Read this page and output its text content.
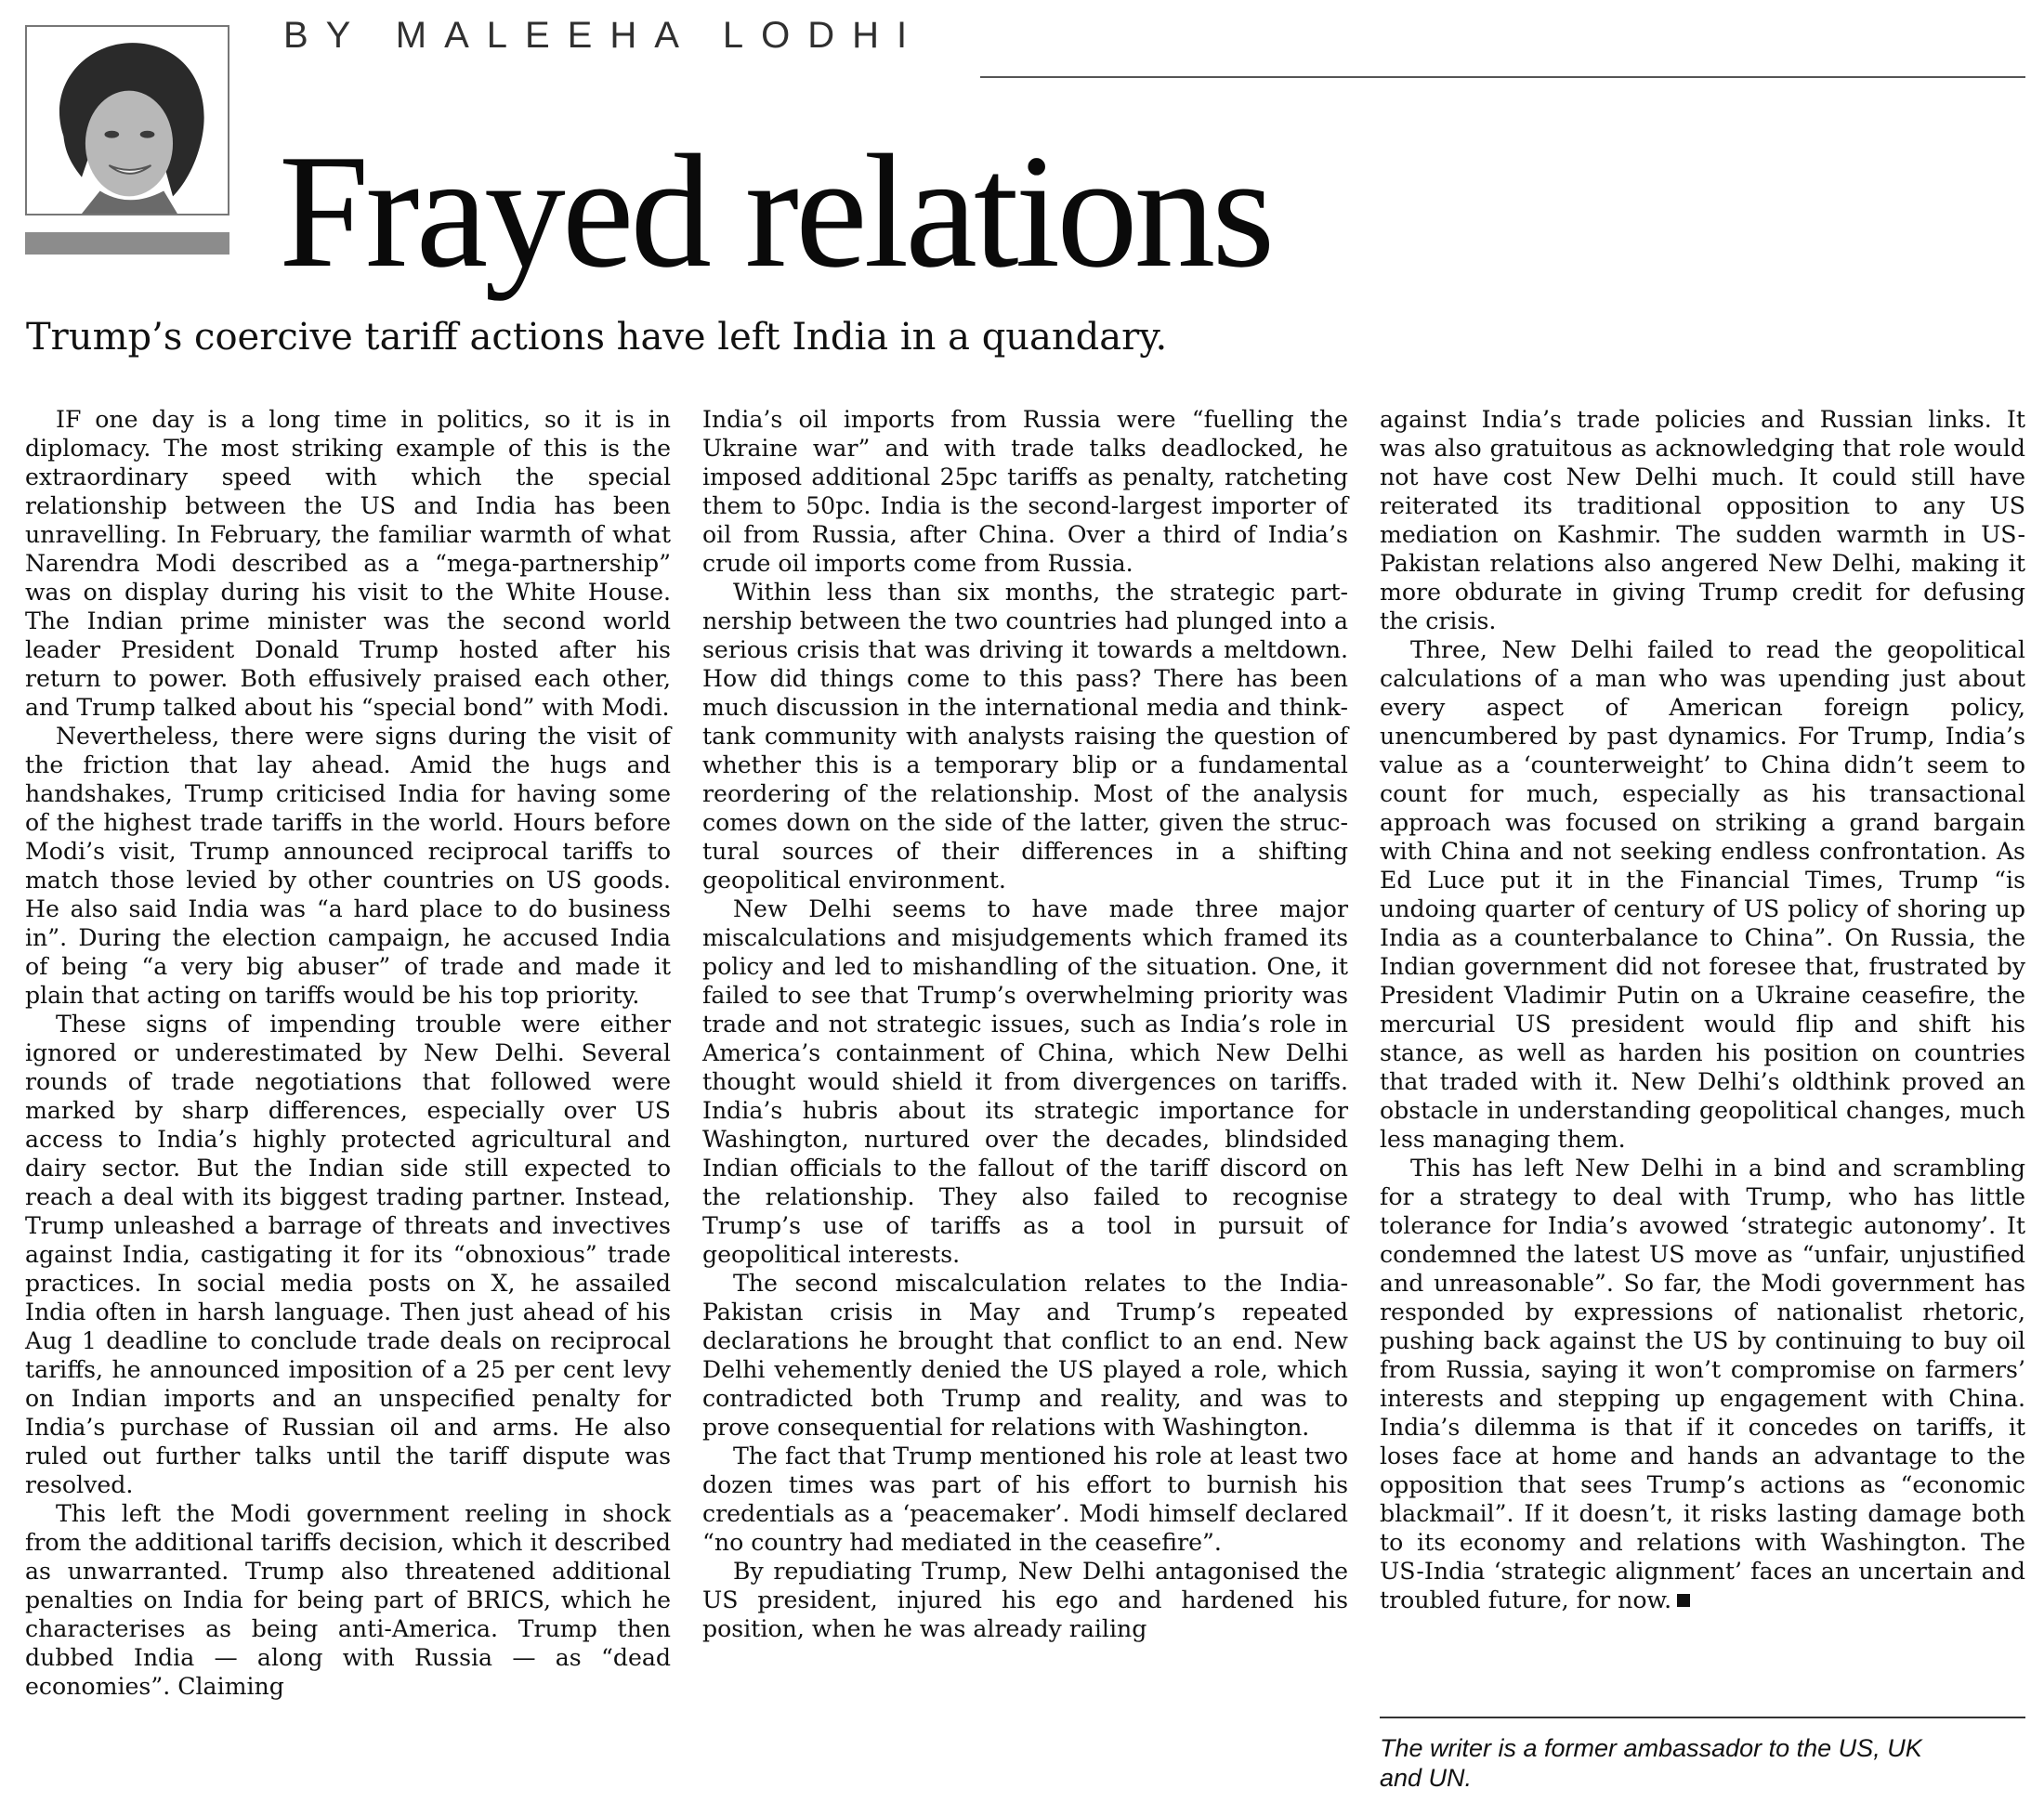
BY MALEEHA LODHI
Frayed relations
Trump’s coercive tariff actions have left India in a quandary.

IF one day is a long time in politics, so it is in diplomacy. The most striking example of this is the extraordinary speed with which the special relationship between the US and India has been unravelling. In February, the familiar warmth of what Narendra Modi described as a “mega-partnership” was on display during his visit to the White House. The Indian prime minister was the second world leader President Donald Trump hosted after his return to power. Both effusively praised each other, and Trump talked about his “special bond” with Modi.

Nevertheless, there were signs during the visit of the friction that lay ahead. Amid the hugs and handshakes, Trump criticised India for having some of the highest trade tariffs in the world. Hours before Modi’s visit, Trump announced reciprocal tariffs to match those levied by other countries on US goods. He also said India was “a hard place to do business in”. During the election campaign, he accused India of being “a very big abuser” of trade and made it plain that acting on tariffs would be his top priority.

These signs of impending trouble were either ignored or underestimated by New Delhi. Several rounds of trade negotiations that followed were marked by sharp differences, especially over US access to India’s highly protected agricultural and dairy sector. But the Indian side still expected to reach a deal with its biggest trading partner. Instead, Trump unleashed a barrage of threats and invectives against India, castigating it for its “obnoxious” trade practices. In social media posts on X, he assailed India often in harsh language. Then just ahead of his Aug 1 deadline to conclude trade deals on reciprocal tariffs, he announced imposition of a 25 per cent levy on Indian imports and an unspecified penalty for India’s purchase of Russian oil and arms. He also ruled out further talks until the tariff dispute was resolved.

This left the Modi government reeling in shock from the additional tariffs decision, which it described as unwarranted. Trump also threatened additional penalties on India for being part of BRICS, which he characterises as being anti-America. Trump then dubbed India — along with Russia — as “dead economies”. Claiming

India’s oil imports from Russia were “fuelling the Ukraine war” and with trade talks deadlocked, he imposed additional 25pc tariffs as penalty, ratcheting them to 50pc. India is the second-largest importer of oil from Russia, after China. Over a third of India’s crude oil imports come from Russia.

Within less than six months, the strategic partnership between the two countries had plunged into a serious crisis that was driving it towards a meltdown. How did things come to this pass? There has been much discussion in the international media and think-tank community with analysts raising the question of whether this is a temporary blip or a fundamental reordering of the relationship. Most of the analysis comes down on the side of the latter, given the structural sources of their differences in a shifting geopolitical environment.

New Delhi seems to have made three major miscalculations and misjudgements which framed its policy and led to mishandling of the situation. One, it failed to see that Trump’s overwhelming priority was trade and not strategic issues, such as India’s role in America’s containment of China, which New Delhi thought would shield it from divergences on tariffs. India’s hubris about its strategic importance for Washington, nurtured over the decades, blindsided Indian officials to the fallout of the tariff discord on the relationship. They also failed to recognise Trump’s use of tariffs as a tool in pursuit of geopolitical interests.

The second miscalculation relates to the India-Pakistan crisis in May and Trump’s repeated declarations he brought that conflict to an end. New Delhi vehemently denied the US played a role, which contradicted both Trump and reality, and was to prove consequential for relations with Washington.

The fact that Trump mentioned his role at least two dozen times was part of his effort to burnish his credentials as a ‘peacemaker’. Modi himself declared “no country had mediated in the ceasefire”.

By repudiating Trump, New Delhi antagonised the US president, injured his ego and hardened his position, when he was already railing

against India’s trade policies and Russian links. It was also gratuitous as acknowledging that role would not have cost New Delhi much. It could still have reiterated its traditional opposition to any US mediation on Kashmir. The sudden warmth in US-Pakistan relations also angered New Delhi, making it more obdurate in giving Trump credit for defusing the crisis.

Three, New Delhi failed to read the geopolitical calculations of a man who was upending just about every aspect of American foreign policy, unencumbered by past dynamics. For Trump, India’s value as a ‘counterweight’ to China didn’t seem to count for much, especially as his transactional approach was focused on striking a grand bargain with China and not seeking endless confrontation. As Ed Luce put it in the Financial Times, Trump “is undoing quarter of century of US policy of shoring up India as a counterbalance to China”. On Russia, the Indian government did not foresee that, frustrated by President Vladimir Putin on a Ukraine ceasefire, the mercurial US president would flip and shift his stance, as well as harden his position on countries that traded with it. New Delhi’s oldthink proved an obstacle in understanding geopolitical changes, much less managing them.

This has left New Delhi in a bind and scrambling for a strategy to deal with Trump, who has little tolerance for India’s avowed ‘strategic autonomy’. It condemned the latest US move as “unfair, unjustified and unreasonable”. So far, the Modi government has responded by expressions of nationalist rhetoric, pushing back against the US by continuing to buy oil from Russia, saying it won’t compromise on farmers’ interests and stepping up engagement with China. India’s dilemma is that if it concedes on tariffs, it loses face at home and hands an advantage to the opposition that sees Trump’s actions as “economic blackmail”. If it doesn’t, it risks lasting damage both to its economy and relations with Washington. The US-India ‘strategic alignment’ faces an uncertain and troubled future, for now.

The writer is a former ambassador to the US, UK and UN.
